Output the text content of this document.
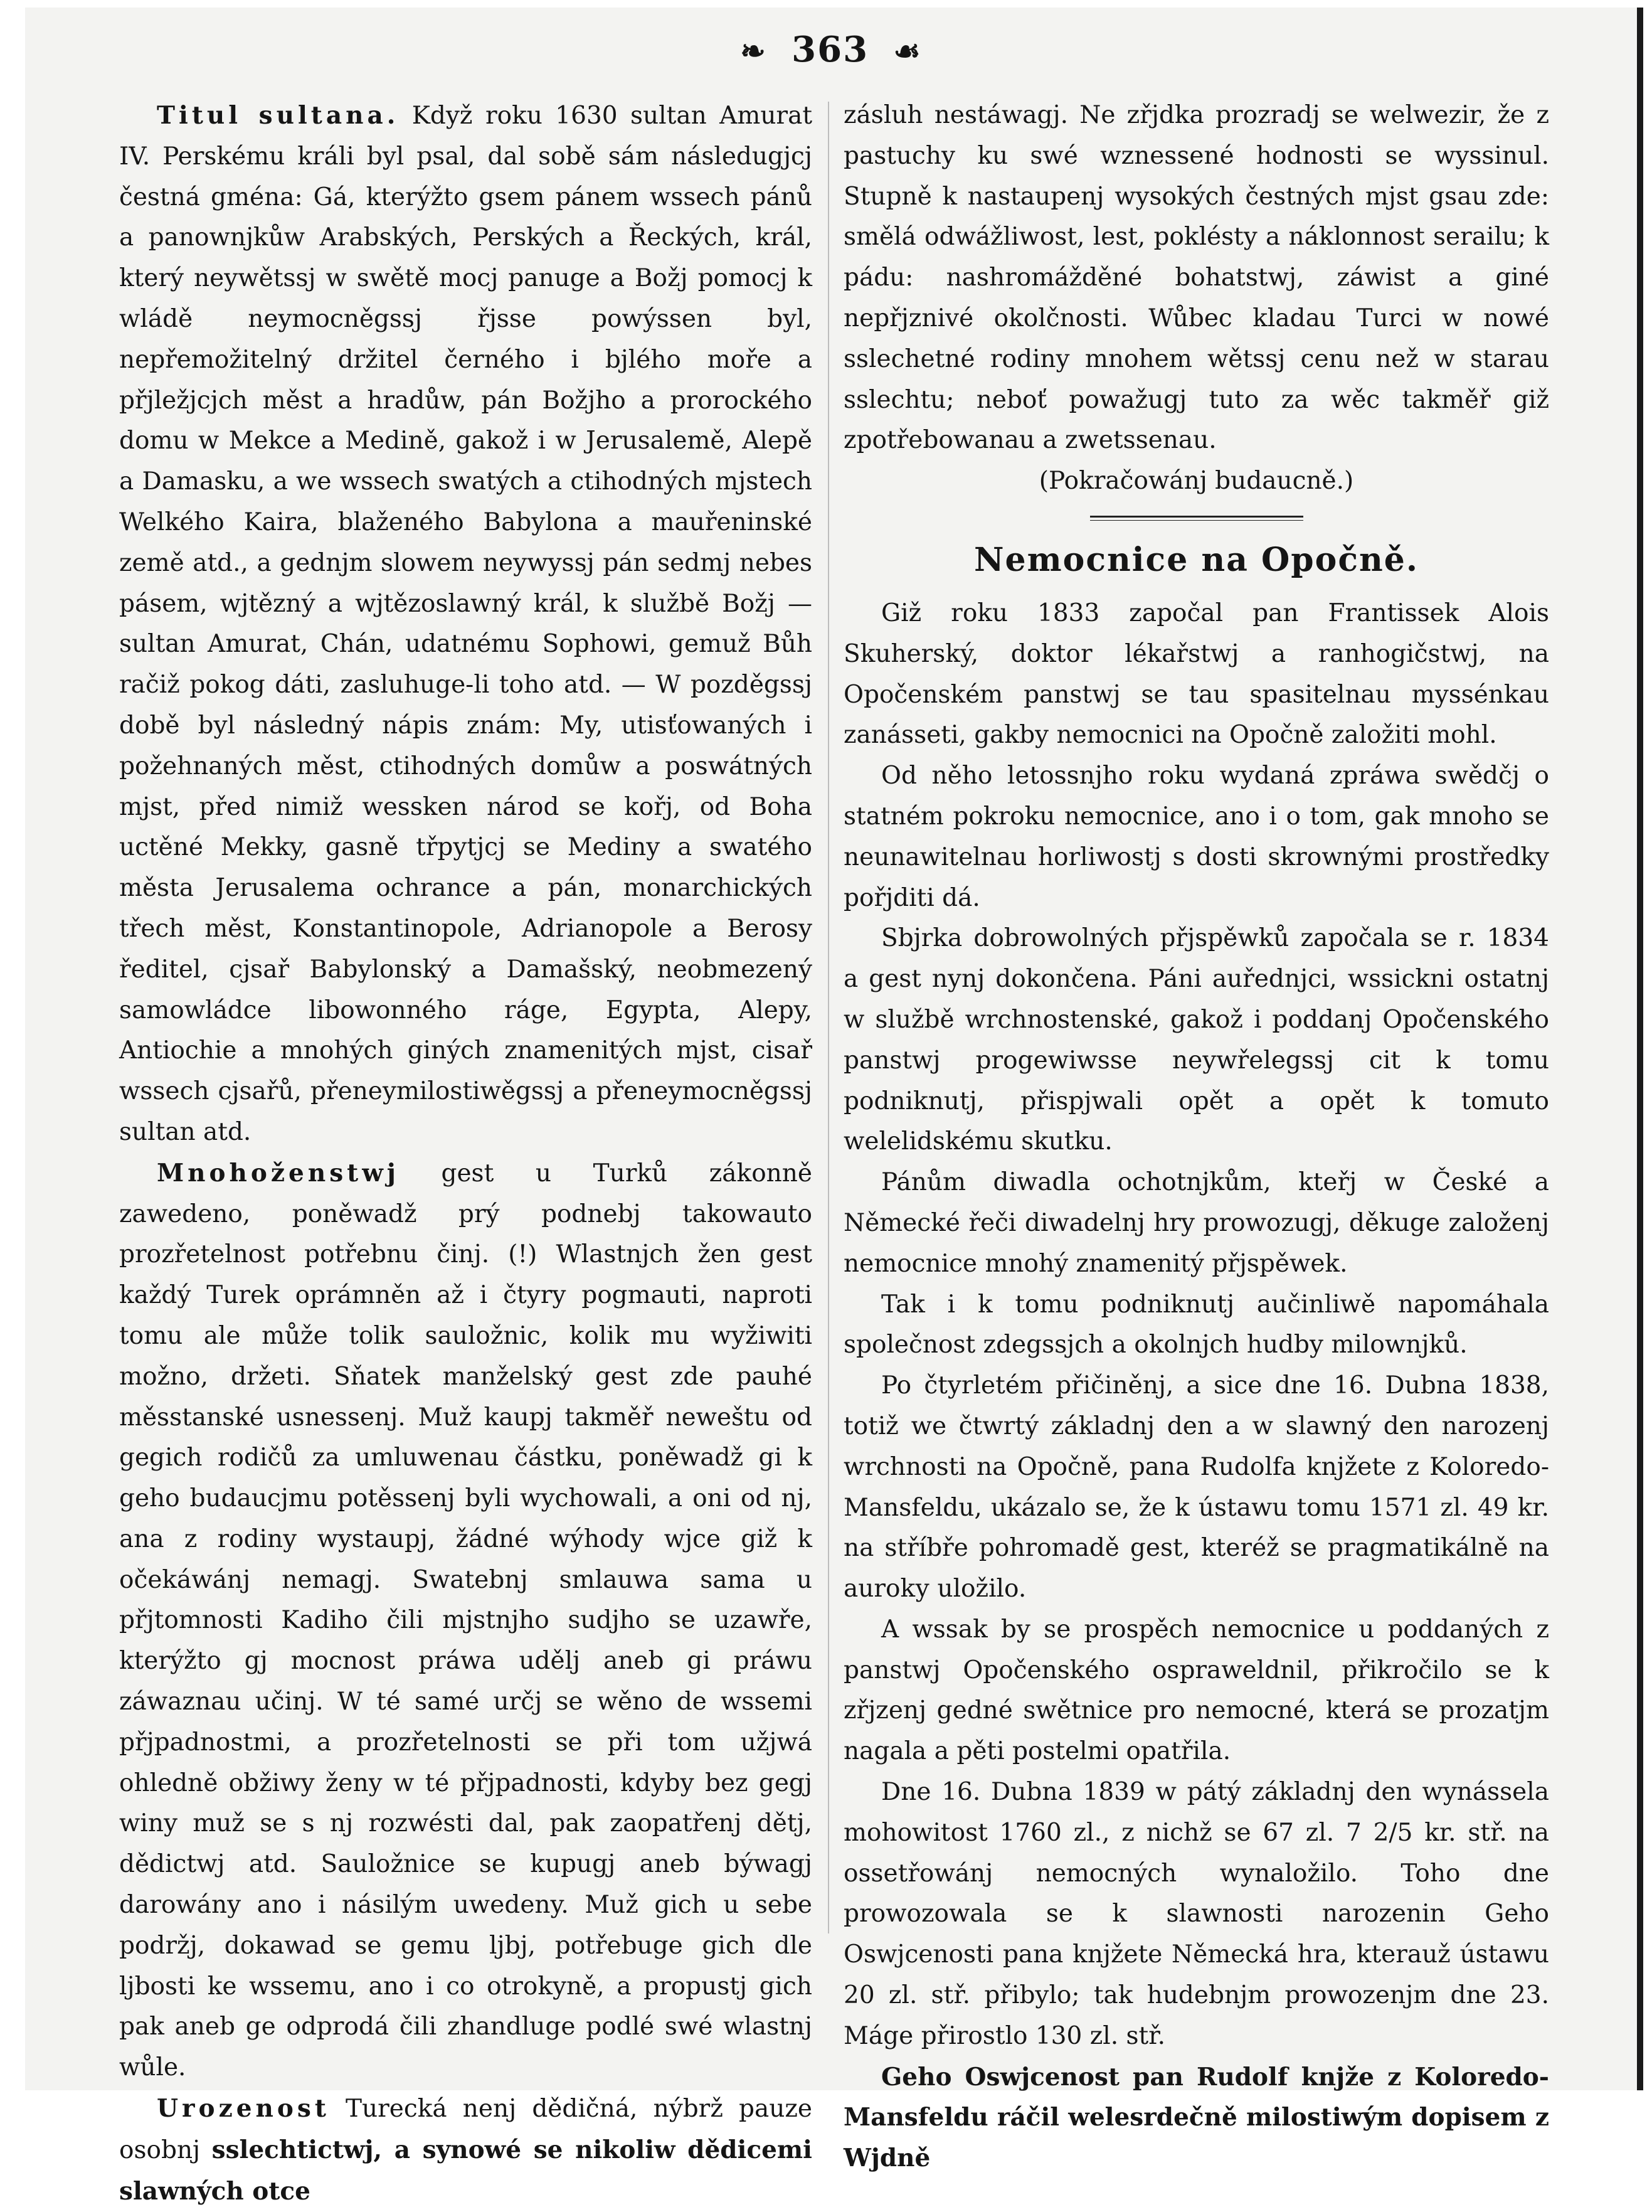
❧ 363 ☙

Titul sultana. Když roku 1630 sultan Amurat IV. Perskému králi byl psal, dal sobě sám následugjcj čestná gména: Gá, kterýžto gsem pánem wssech pánů a panownjkůw Arabských, Perských a Řeckých, král, který neywětssj w swětě mocj panuge a Božj pomocj k wládě neymocněgssj řjsse powýssen byl, nepřemožitelný držitel černého i bjlého moře a přjležjcjch měst a hradůw, pán Božjho a prorockého domu w Mekce a Medině, gakož i w Jerusalemě, Alepě a Damasku, a we wssech swatých a ctihodných mjstech Welkého Kaira, blaženého Babylona a mauřeninské země atd., a gednjm slowem neywyssj pán sedmj nebes pásem, wjtězný a wjtězoslawný král, k službě Božj — sultan Amurat, Chán, udatnému Sophowi, gemuž Bůh račiž pokog dáti, zasluhuge-li toho atd. — W pozděgssj době byl následný nápis znám: My, utisťowaných i požehnaných měst, ctihodných domůw a poswátných mjst, před nimiž wessken národ se kořj, od Boha uctěné Mekky, gasně třpytjcj se Mediny a swatého města Jerusalema ochrance a pán, monarchických třech měst, Konstantinopole, Adrianopole a Berosy ředitel, cjsař Babylonský a Damašský, neobmezený samowládce libowonného ráge, Egypta, Alepy, Antiochie a mnohých giných znamenitých mjst, cisař wssech cjsařů, přeneymilostiwěgssj a přeneymocněgssj sultan atd.

Mnohoženstwj gest u Turků zákonně zawedeno, poněwadž prý podnebj takowauto prozřetelnost potřebnu činj. (!) Wlastnjch žen gest každý Turek oprámněn až i čtyry pogmauti, naproti tomu ale může tolik sauložnic, kolik mu wyžiwiti možno, držeti. Sňatek manželský gest zde pauhé měsstanské usnessenj. Muž kaupj takměř neweštu od gegich rodičů za umluwenau částku, poněwadž gi k geho budaucjmu potěssenj byli wychowali, a oni od nj, ana z rodiny wystaupj, žádné wýhody wjce giž k očekáwánj nemagj. Swatebnj smlauwa sama u přjtomnosti Kadiho čili mjstnjho sudjho se uzawře, kterýžto gj mocnost práwa udělj aneb gi práwu záwaznau učinj. W té samé určj se wěno de wssemi přjpadnostmi, a prozřetelnosti se při tom užjwá ohledně obžiwy ženy w té přjpadnosti, kdyby bez gegj winy muž se s nj rozwésti dal, pak zaopatřenj dětj, dědictwj atd. Sauložnice se kupugj aneb býwagj darowány ano i násilým uwedeny. Muž gich u sebe podržj, dokawad se gemu ljbj, potřebuge gich dle ljbosti ke wssemu, ano i co otrokyně, a propustj gich pak aneb ge odprodá čili zhandluge podlé swé wlastnj wůle.

Urozenost Turecká nenj dědičná, nýbrž pauze osobnj sslechtictwj, a synowé se nikoliw dědicemi slawných otce

zásluh nestáwagj. Ne zřjdka prozradj se welwezir, že z pastuchy ku swé wznessené hodnosti se wyssinul. Stupně k nastaupenj wysokých čestných mjst gsau zde: smělá odwážliwost, lest, poklésty a náklonnost serailu; k pádu: nashromážděné bohatstwj, záwist a giné nepřjznivé okolčnosti. Wůbec kladau Turci w nowé sslechetné rodiny mnohem wětssj cenu než w starau sslechtu; neboť powažugj tuto za wěc takměř giž zpotřebowanau a zwetssenau.

(Pokračowánj budaucně.)

Nemocnice na Opočně.

Giž roku 1833 započal pan Frantissek Alois Skuherský, doktor lékařstwj a ranhogičstwj, na Opočenském panstwj se tau spasitelnau myssénkau zanásseti, gakby nemocnici na Opočně založiti mohl.

Od něho letossnjho roku wydaná zpráwa swědčj o statném pokroku nemocnice, ano i o tom, gak mnoho se neunawitelnau horliwostj s dosti skrownými prostředky pořjditi dá.

Sbjrka dobrowolných přjspěwků započala se r. 1834 a gest nynj dokončena. Páni auřednjci, wssickni ostatnj w službě wrchnostenské, gakož i poddanj Opočenského panstwj progewiwsse neywřelegssj cit k tomu podniknutj, přispjwali opět a opět k tomuto welelidskému skutku.

Pánům diwadla ochotnjkům, kteřj w České a Německé řeči diwadelnj hry prowozugj, děkuge založenj nemocnice mnohý znamenitý přjspěwek.

Tak i k tomu podniknutj aučinliwě napomáhala společnost zdegssjch a okolnjch hudby milownjků.

Po čtyrletém přičiněnj, a sice dne 16. Dubna 1838, totiž we čtwrtý základnj den a w slawný den narozenj wrchnosti na Opočně, pana Rudolfa knjžete z Koloredo-Mansfeldu, ukázalo se, že k ústawu tomu 1571 zl. 49 kr. na stříbře pohromadě gest, kteréž se pragmatikálně na aurokу uložilo.

A wssak by se prospěch nemocnice u poddaných z panstwj Opočenského ospraweldnil, přikročilo se k zřjzenj gedné swětnice pro nemocné, která se prozatjm nagala a pěti postelmi opatřila.

Dne 16. Dubna 1839 w pátý základnj den wynássela mohowitost 1760 zl., z nichž se 67 zl. 7 2/5 kr. stř. na ossetřowánj nemocných wynaložilo. Toho dne prowozowala se k slawnosti narozenin Geho Oswjcenosti pana knjžete Německá hra, kterauž ústawu 20 zl. stř. přibylo; tak hudebnjm prowozenjm dne 23. Máge přirostlo 130 zl. stř.

Geho Oswjcenost pan Rudolf knjže z Koloredo-Mansfeldu ráčil welesrdečně milostiwým dopisem z Wjdně
